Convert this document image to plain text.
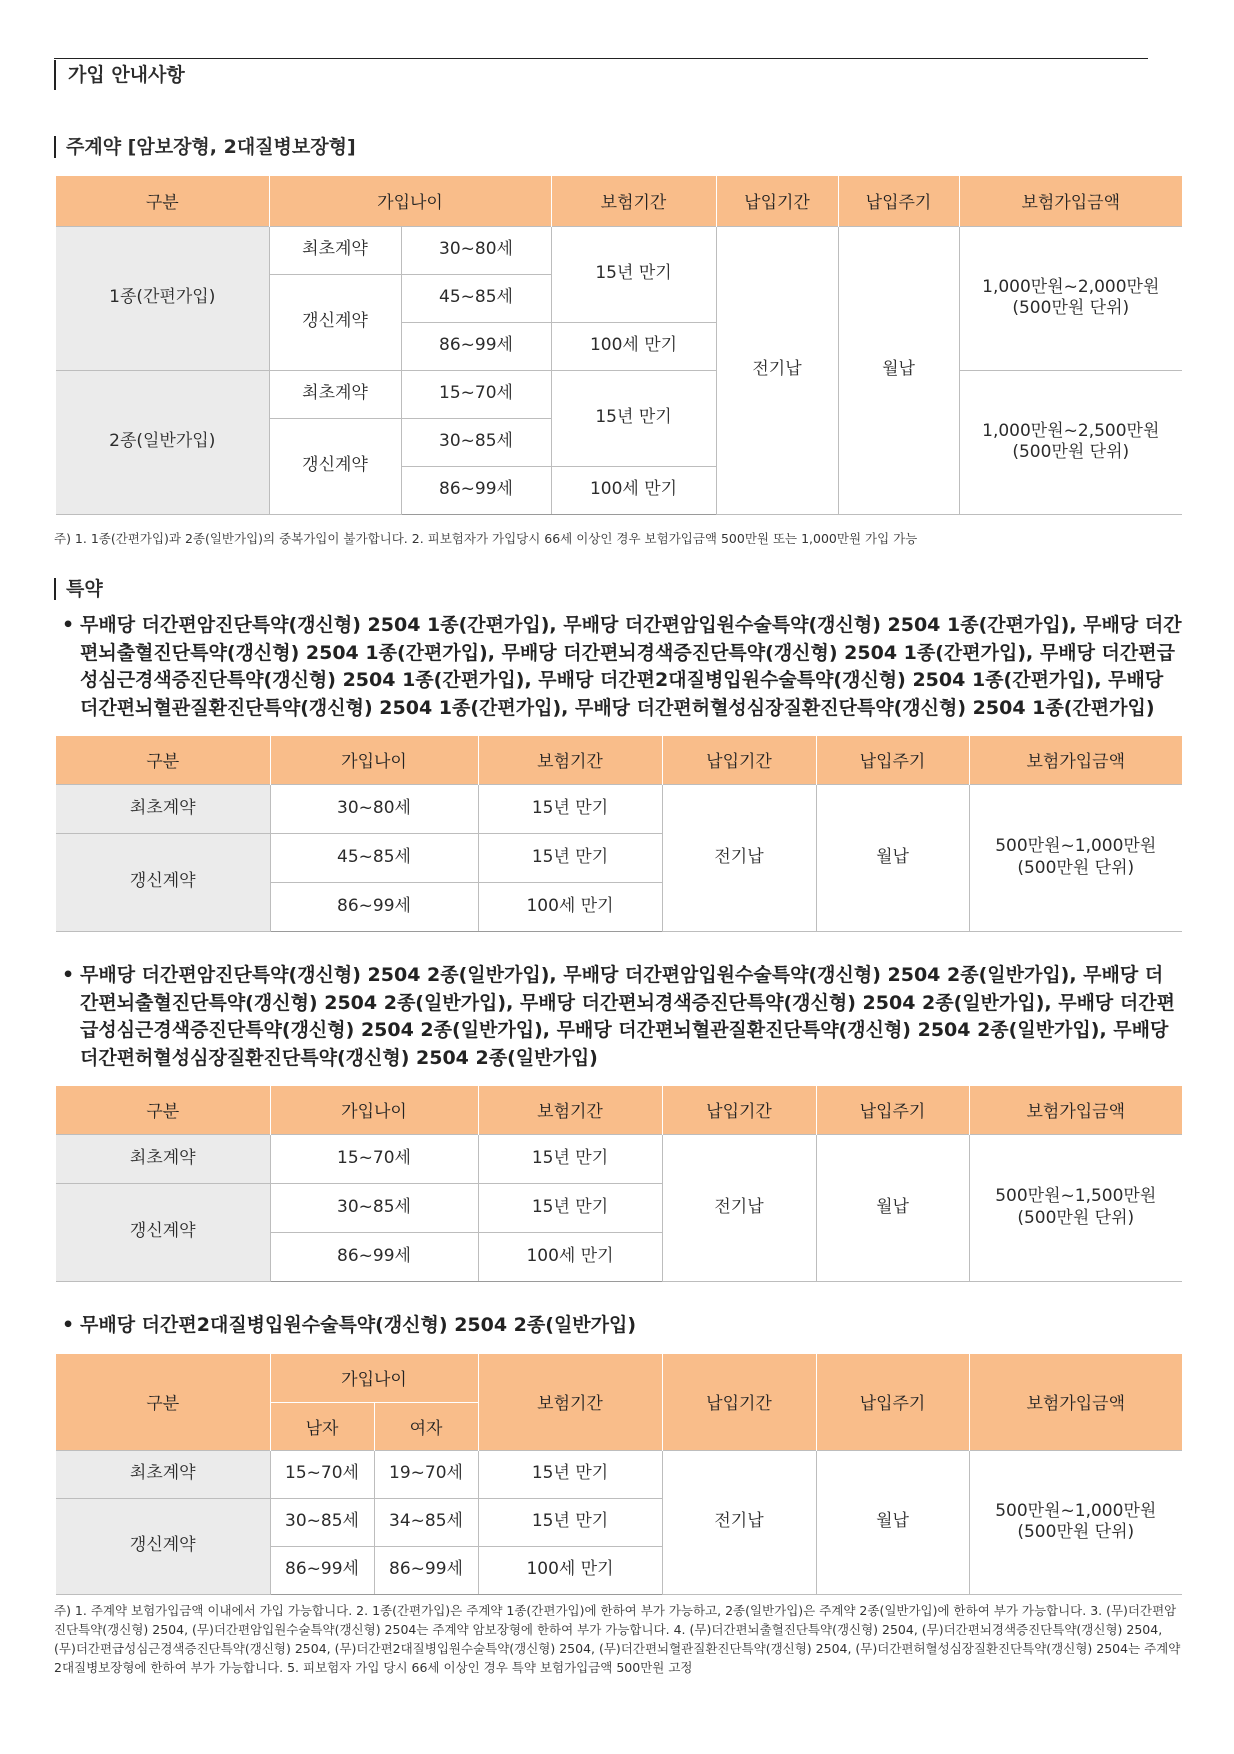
가입 안내사항
주계약 [암보장형, 2대질병보장형]
구분	가입나이		보험기간	납입기간	납입주기	보험가입금액
1종(간편가입)	최초계약	30~80세	15년 만기	전기납	월납	1,000만원~2,000만원
(500만원 단위)
	갱신계약	45~85세				
		86~99세	100세 만기			
2종(일반가입)	최초계약	15~70세	15년 만기			1,000만원~2,500만원
(500만원 단위)
	갱신계약	30~85세				
		86~99세	100세 만기			
주) 1. 1종(간편가입)과 2종(일반가입)의 중복가입이 불가합니다. 2. 피보험자가 가입당시 66세 이상인 경우 보험가입금액 500만원 또는 1,000만원 가입 가능
특약
• 무배당 더간편암진단특약(갱신형) 2504 1종(간편가입), 무배당 더간편암입원수술특약(갱신형) 2504 1종(간편가입), 무배당 더간편뇌출혈진단특약(갱신형) 2504 1종(간편가입), 무배당 더간편뇌경색증진단특약(갱신형) 2504 1종(간편가입), 무배당 더간편급성심근경색증진단특약(갱신형) 2504 1종(간편가입), 무배당 더간편2대질병입원수술특약(갱신형) 2504 1종(간편가입), 무배당 더간편뇌혈관질환진단특약(갱신형) 2504 1종(간편가입), 무배당 더간편허혈성심장질환진단특약(갱신형) 2504 1종(간편가입)
구분	가입나이	보험기간	납입기간	납입주기	보험가입금액
최초계약	30~80세	15년 만기	전기납	월납	500만원~1,000만원
(500만원 단위)
갱신계약	45~85세	15년 만기			
	86~99세	100세 만기			
• 무배당 더간편암진단특약(갱신형) 2504 2종(일반가입), 무배당 더간편암입원수술특약(갱신형) 2504 2종(일반가입), 무배당 더 간편뇌출혈진단특약(갱신형) 2504 2종(일반가입), 무배당 더간편뇌경색증진단특약(갱신형) 2504 2종(일반가입), 무배당 더간편급성심근경색증진단특약(갱신형) 2504 2종(일반가입), 무배당 더간편뇌혈관질환진단특약(갱신형) 2504 2종(일반가입), 무배당 더간편허혈성심장질환진단특약(갱신형) 2504 2종(일반가입)
구분	가입나이	보험기간	납입기간	납입주기	보험가입금액
최초계약	15~70세	15년 만기	전기납	월납	500만원~1,500만원
(500만원 단위)
갱신계약	30~85세	15년 만기			
	86~99세	100세 만기			
• 무배당 더간편2대질병입원수술특약(갱신형) 2504 2종(일반가입)
구분	가입나이		보험기간	납입기간	납입주기	보험가입금액
	남자	여자				
최초계약	15~70세	19~70세	15년 만기	전기납	월납	500만원~1,000만원
(500만원 단위)
갱신계약	30~85세	34~85세	15년 만기			
	86~99세	86~99세	100세 만기			
주) 1. 주계약 보험가입금액 이내에서 가입 가능합니다. 2. 1종(간편가입)은 주계약 1종(간편가입)에 한하여 부가 가능하고, 2종(일반가입)은 주계약 2종(일반가입)에 한하여 부가 가능합니다. 3. (무)더간편암진단특약(갱신형) 2504, (무)더간편암입원수술특약(갱신형) 2504는 주계약 암보장형에 한하여 부가 가능합니다. 4. (무)더간편뇌출혈진단특약(갱신형) 2504, (무)더간편뇌경색증진단특약(갱신형) 2504, (무)더간편급성심근경색증진단특약(갱신형) 2504, (무)더간편2대질병입원수술특약(갱신형) 2504, (무)더간편뇌혈관질환진단특약(갱신형) 2504, (무)더간편허혈성심장질환진단특약(갱신형) 2504는 주계약 2대질병보장형에 한하여 부가 가능합니다. 5. 피보험자 가입 당시 66세 이상인 경우 특약 보험가입금액 500만원 고정
